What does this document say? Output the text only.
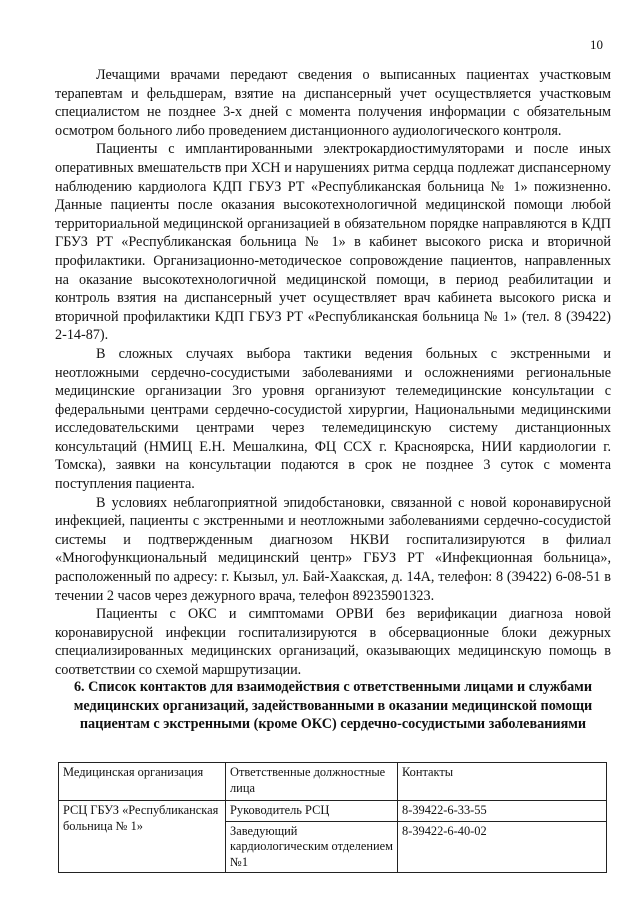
10

Лечащими врачами передают сведения о выписанных пациентах участковым терапевтам и фельдшерам, взятие на диспансерный учет осуществляется участковым специалистом не позднее 3-х дней с момента получения информации с обязательным осмотром больного либо проведением дистанционного аудиологического контроля.

Пациенты с имплантированными электрокардиостимуляторами и после иных оперативных вмешательств при ХСН и нарушениях ритма сердца подлежат диспансерному наблюдению кардиолога КДП ГБУЗ РТ «Республиканская больница № 1» пожизненно. Данные пациенты после оказания высокотехнологичной медицинской помощи любой территориальной медицинской организацией в обязательном порядке направляются в КДП ГБУЗ РТ «Республиканская больница № 1» в кабинет высокого риска и вторичной профилактики. Организационно-методическое сопровождение пациентов, направленных на оказание высокотехнологичной медицинской помощи, в период реабилитации и контроль взятия на диспансерный учет осуществляет врач кабинета высокого риска и вторичной профилактики КДП ГБУЗ РТ «Республиканская больница № 1» (тел. 8 (39422) 2-14-87).

В сложных случаях выбора тактики ведения больных с экстренными и неотложными сердечно-сосудистыми заболеваниями и осложнениями региональные медицинские организации 3го уровня организуют телемедицинские консультации с федеральными центрами сердечно-сосудистой хирургии, Национальными медицинскими исследовательскими центрами через телемедицинскую систему дистанционных консультаций (НМИЦ Е.Н. Мешалкина, ФЦ ССХ г. Красноярска, НИИ кардиологии г. Томска), заявки на консультации подаются в срок не позднее 3 суток с момента поступления пациента.

В условиях неблагоприятной эпидобстановки, связанной с новой коронавирусной инфекцией, пациенты с экстренными и неотложными заболеваниями сердечно-сосудистой системы и подтвержденным диагнозом НКВИ госпитализируются в филиал «Многофункциональный медицинский центр» ГБУЗ РТ «Инфекционная больница», расположенный по адресу: г. Кызыл, ул. Бай-Хаакская, д. 14А, телефон: 8 (39422) 6-08-51 в течении 2 часов через дежурного врача, телефон 89235901323.

Пациенты с ОКС и симптомами ОРВИ без верификации диагноза новой коронавирусной инфекции госпитализируются в обсервационные блоки дежурных специализированных медицинских организаций, оказывающих медицинскую помощь в соответствии со схемой маршрутизации.

6. Список контактов для взаимодействия с ответственными лицами и службами медицинских организаций, задействованными в оказании медицинской помощи пациентам с экстренными (кроме ОКС) сердечно-сосудистыми заболеваниями

Медицинская организация	Ответственные должностные лица	Контакты
РСЦ ГБУЗ «Республиканская больница № 1»	Руководитель РСЦ	8-39422-6-33-55
	Заведующий кардиологическим отделением №1	8-39422-6-40-02
